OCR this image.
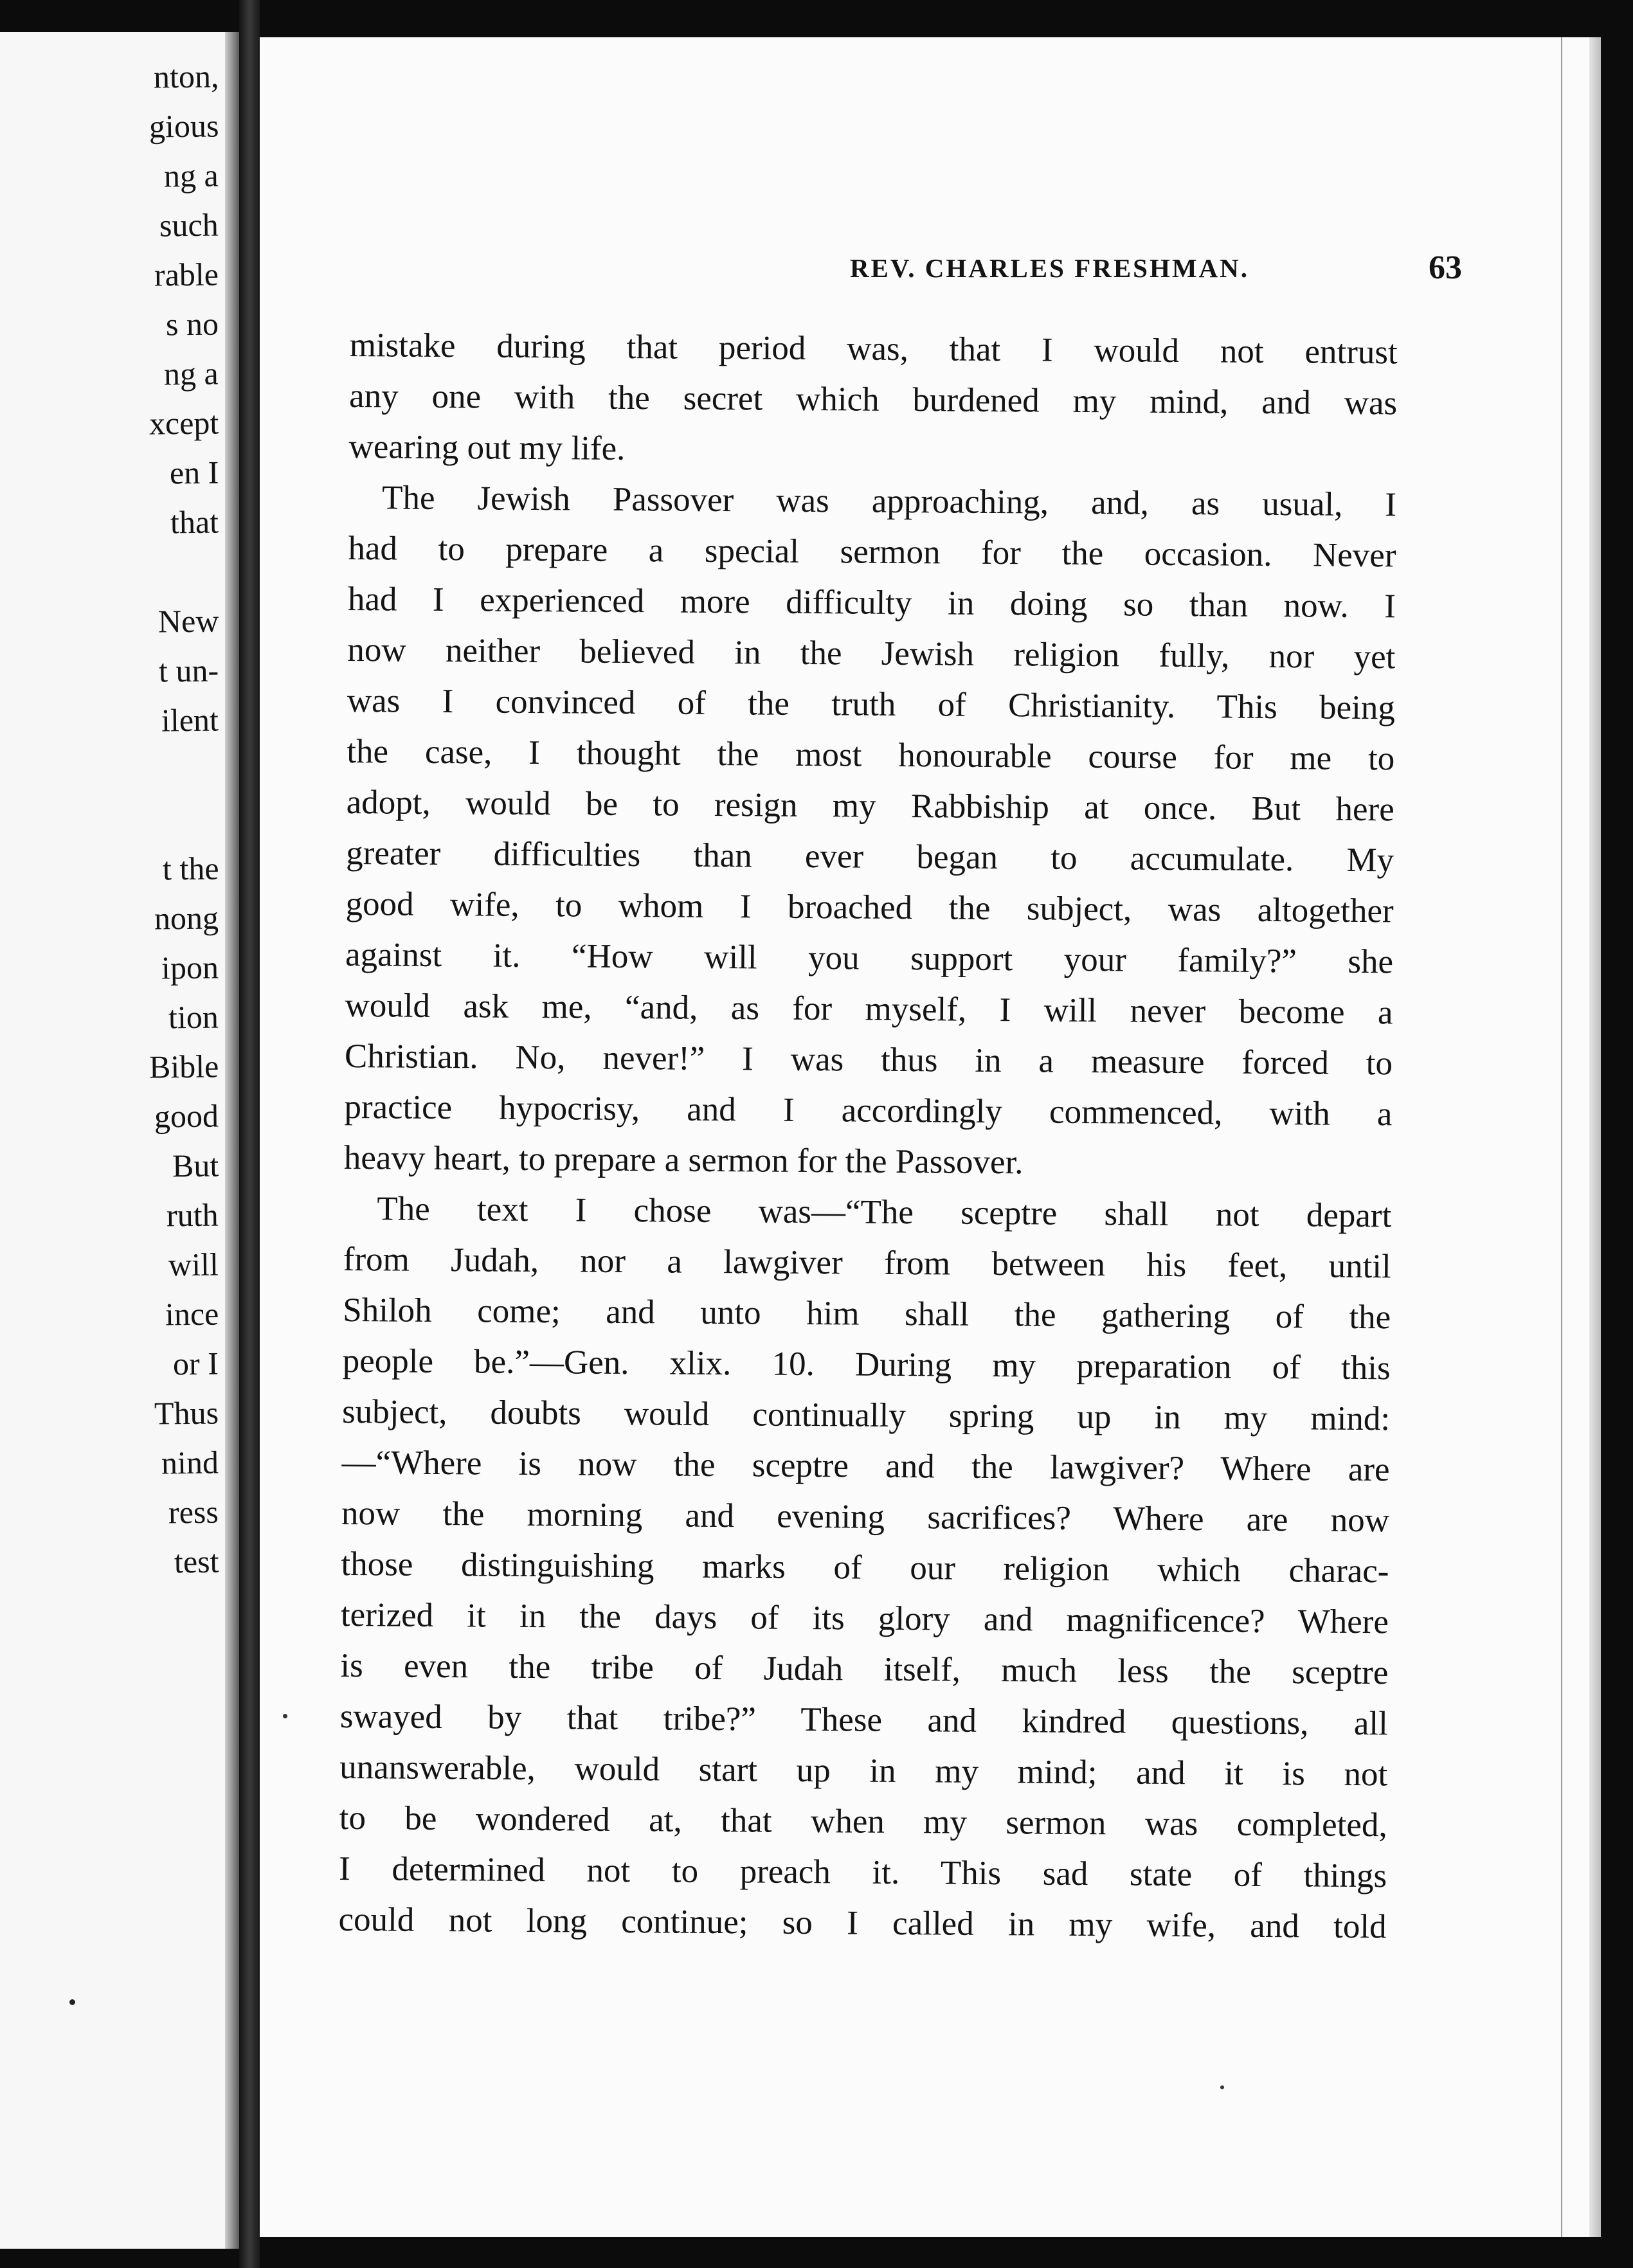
nton,
gious
ng a
such
rable
s no
ng a
xcept
en I
that
New
t un-
ilent
t the
nong
ipon
tion
Bible
good
But
ruth
will
ince
or I
Thus
nind
ress
test
REV. CHARLES FRESHMAN.	63
mistake during that period was, that I would not entrust
any one with the secret which burdened my mind, and was
wearing out my life.
The Jewish Passover was approaching, and, as usual, I
had to prepare a special sermon for the occasion. Never
had I experienced more difficulty in doing so than now. I
now neither believed in the Jewish religion fully, nor yet
was I convinced of the truth of Christianity. This being
the case, I thought the most honourable course for me to
adopt, would be to resign my Rabbiship at once. But here
greater difficulties than ever began to accumulate. My
good wife, to whom I broached the subject, was altogether
against it. “How will you support your family?” she
would ask me, “and, as for myself, I will never become a
Christian. No, never!” I was thus in a measure forced to
practice hypocrisy, and I accordingly commenced, with a
heavy heart, to prepare a sermon for the Passover.
The text I chose was—“The sceptre shall not depart
from Judah, nor a lawgiver from between his feet, until
Shiloh come; and unto him shall the gathering of the
people be.”—Gen. xlix. 10. During my preparation of this
subject, doubts would continually spring up in my mind:
—“Where is now the sceptre and the lawgiver? Where are
now the morning and evening sacrifices? Where are now
those distinguishing marks of our religion which charac-
terized it in the days of its glory and magnificence? Where
is even the tribe of Judah itself, much less the sceptre
swayed by that tribe?” These and kindred questions, all
unanswerable, would start up in my mind; and it is not
to be wondered at, that when my sermon was completed,
I determined not to preach it. This sad state of things
could not long continue; so I called in my wife, and told
